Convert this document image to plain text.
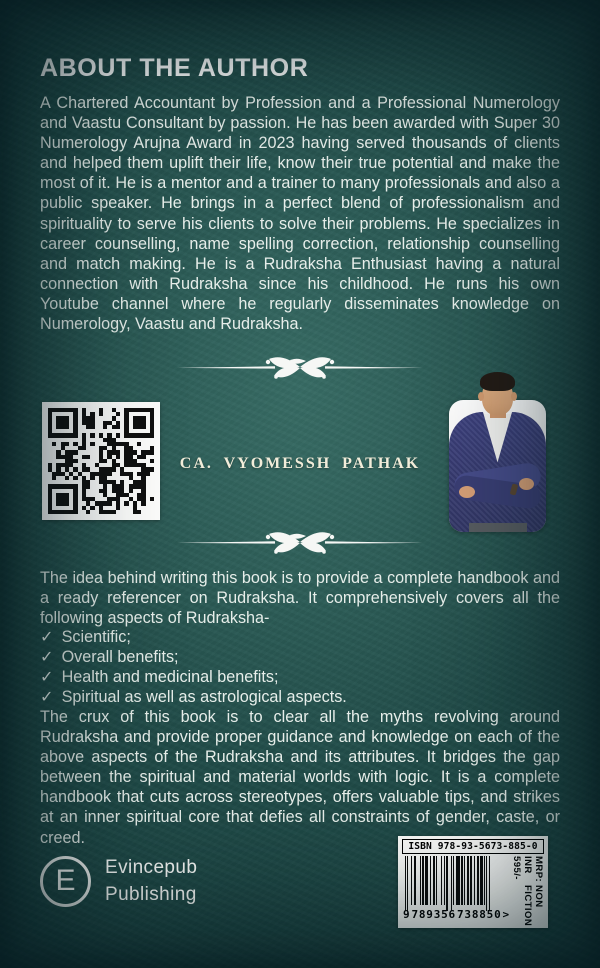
ABOUT THE AUTHOR

A Chartered Accountant by Profession and a Professional Numerology and Vaastu Consultant by passion. He has been awarded with Super 30 Numerology Arujna Award in 2023 having served thousands of clients and helped them uplift their life, know their true potential and make the most of it. He is a mentor and a trainer to many professionals and also a public speaker. He brings in a perfect blend of professionalism and spirituality to serve his clients to solve their problems. He specializes in career counselling, name spelling correction, relationship counselling and match making. He is a Rudraksha Enthusiast having a natural connection with Rudraksha since his childhood. He runs his own Youtube channel where he regularly disseminates knowledge on Numerology, Vaastu and Rudraksha.

CA. VYOMESSH PATHAK

The idea behind writing this book is to provide a complete handbook and a ready referencer on Rudraksha. It comprehensively covers all the following aspects of Rudraksha-

✓ Scientific;
✓ Overall benefits;
✓ Health and medicinal benefits;
✓ Spiritual as well as astrological aspects.

The crux of this book is to clear all the myths revolving around Rudraksha and provide proper guidance and knowledge on each of the above aspects of the Rudraksha and its attributes. It bridges the gap between the spiritual and material worlds with logic. It is a complete handbook that cuts across stereotypes, offers valuable tips, and strikes at an inner spiritual core that defies all constraints of gender, caste, or creed.

E	Evincepub
Publishing
ISBN 978-93-5673-885-0
9 789356 738850 >
MRP: INR 595/-
NON FICTION
